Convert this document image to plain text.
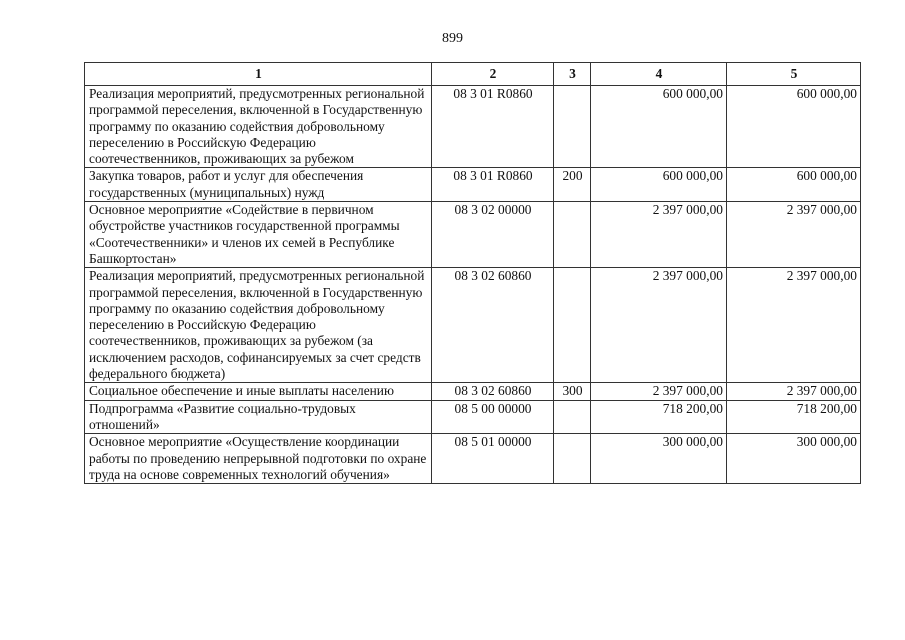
899
1	2	3	4	5
Реализация мероприятий, предусмотренных региональной программой переселения, включенной в Государственную программу по оказанию содействия добровольному переселению в Российскую Федерацию соотечественников, проживающих за рубежом	08 3 01 R0860		600 000,00	600 000,00
Закупка товаров, работ и услуг для обеспечения государственных (муниципальных) нужд	08 3 01 R0860	200	600 000,00	600 000,00
Основное мероприятие «Содействие в первичном обустройстве участников государственной программы «Соотечественники» и членов их семей в Республике Башкортостан»	08 3 02 00000		2 397 000,00	2 397 000,00
Реализация мероприятий, предусмотренных региональной программой переселения, включенной в Государственную программу по оказанию содействия добровольному переселению в Российскую Федерацию соотечественников, проживающих за рубежом (за исключением расходов, софинансируемых за счет средств федерального бюджета)	08 3 02 60860		2 397 000,00	2 397 000,00
Социальное обеспечение и иные выплаты населению	08 3 02 60860	300	2 397 000,00	2 397 000,00
Подпрограмма «Развитие социально-трудовых отношений»	08 5 00 00000		718 200,00	718 200,00
Основное мероприятие «Осуществление координации работы по проведению непрерывной подготовки по охране труда на основе современных технологий обучения»	08 5 01 00000		300 000,00	300 000,00
